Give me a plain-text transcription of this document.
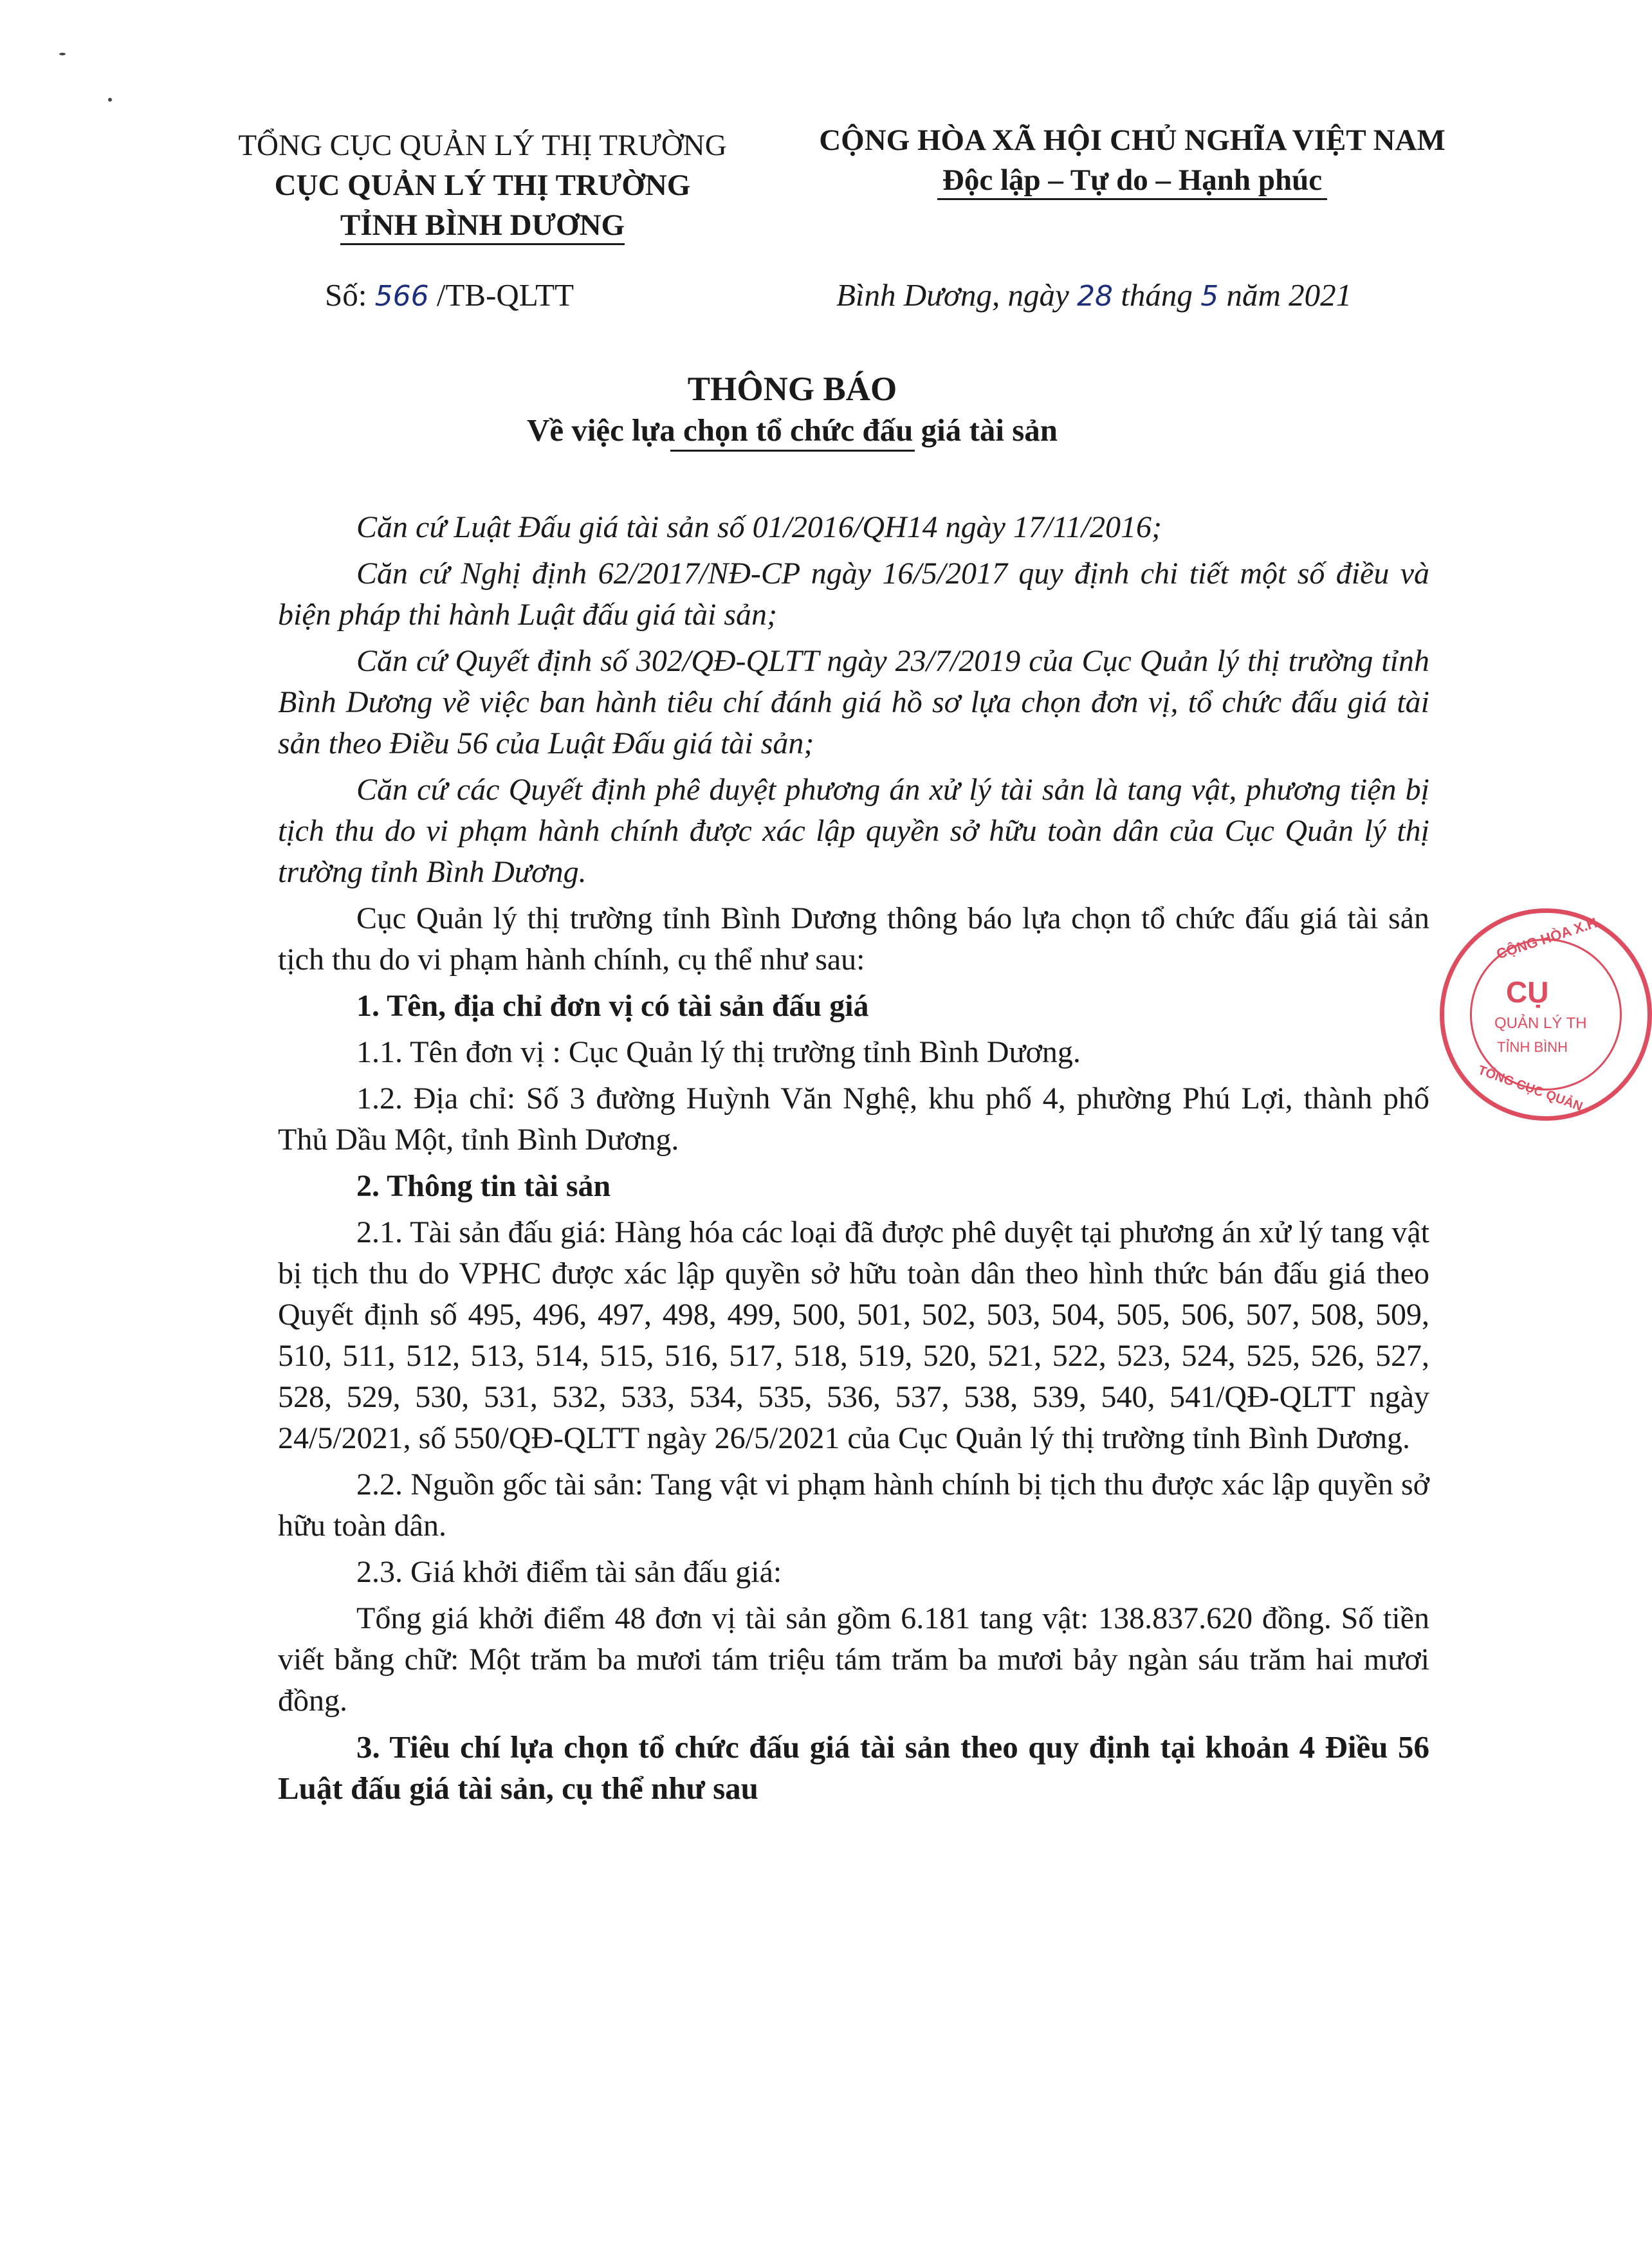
TỔNG CỤC QUẢN LÝ THỊ TRƯỜNG
CỤC QUẢN LÝ THỊ TRƯỜNG
TỈNH BÌNH DƯƠNG
CỘNG HÒA XÃ HỘI CHỦ NGHĨA VIỆT NAM
Độc lập – Tự do – Hạnh phúc
Số: 566 /TB-QLTT	Bình Dương, ngày 28 tháng 5 năm 2021
THÔNG BÁO
Về việc lựa chọn tổ chức đấu giá tài sản

Căn cứ Luật Đấu giá tài sản số 01/2016/QH14 ngày 17/11/2016;

Căn cứ Nghị định 62/2017/NĐ-CP ngày 16/5/2017 quy định chi tiết một số điều và biện pháp thi hành Luật đấu giá tài sản;

Căn cứ Quyết định số 302/QĐ-QLTT ngày 23/7/2019 của Cục Quản lý thị trường tỉnh Bình Dương về việc ban hành tiêu chí đánh giá hồ sơ lựa chọn đơn vị, tổ chức đấu giá tài sản theo Điều 56 của Luật Đấu giá tài sản;

Căn cứ các Quyết định phê duyệt phương án xử lý tài sản là tang vật, phương tiện bị tịch thu do vi phạm hành chính được xác lập quyền sở hữu toàn dân của Cục Quản lý thị trường tỉnh Bình Dương.

Cục Quản lý thị trường tỉnh Bình Dương thông báo lựa chọn tổ chức đấu giá tài sản tịch thu do vi phạm hành chính, cụ thể như sau:

1. Tên, địa chỉ đơn vị có tài sản đấu giá

1.1. Tên đơn vị : Cục Quản lý thị trường tỉnh Bình Dương.

1.2. Địa chỉ: Số 3 đường Huỳnh Văn Nghệ, khu phố 4, phường Phú Lợi, thành phố Thủ Dầu Một, tỉnh Bình Dương.

2. Thông tin tài sản

2.1. Tài sản đấu giá: Hàng hóa các loại đã được phê duyệt tại phương án xử lý tang vật bị tịch thu do VPHC được xác lập quyền sở hữu toàn dân theo hình thức bán đấu giá theo Quyết định số 495, 496, 497, 498, 499, 500, 501, 502, 503, 504, 505, 506, 507, 508, 509, 510, 511, 512, 513, 514, 515, 516, 517, 518, 519, 520, 521, 522, 523, 524, 525, 526, 527, 528, 529, 530, 531, 532, 533, 534, 535, 536, 537, 538, 539, 540, 541/QĐ-QLTT ngày 24/5/2021, số 550/QĐ-QLTT ngày 26/5/2021 của Cục Quản lý thị trường tỉnh Bình Dương.

2.2. Nguồn gốc tài sản: Tang vật vi phạm hành chính bị tịch thu được xác lập quyền sở hữu toàn dân.

2.3. Giá khởi điểm tài sản đấu giá:

Tổng giá khởi điểm 48 đơn vị tài sản gồm 6.181 tang vật: 138.837.620 đồng. Số tiền viết bằng chữ: Một trăm ba mươi tám triệu tám trăm ba mươi bảy ngàn sáu trăm hai mươi đồng.

3. Tiêu chí lựa chọn tổ chức đấu giá tài sản theo quy định tại khoản 4 Điều 56 Luật đấu giá tài sản, cụ thể như sau

CỘNG HÒA X.H.
CỤ
QUẢN LÝ TH
TỈNH BÌNH
TỔNG CỤC QUẢN
